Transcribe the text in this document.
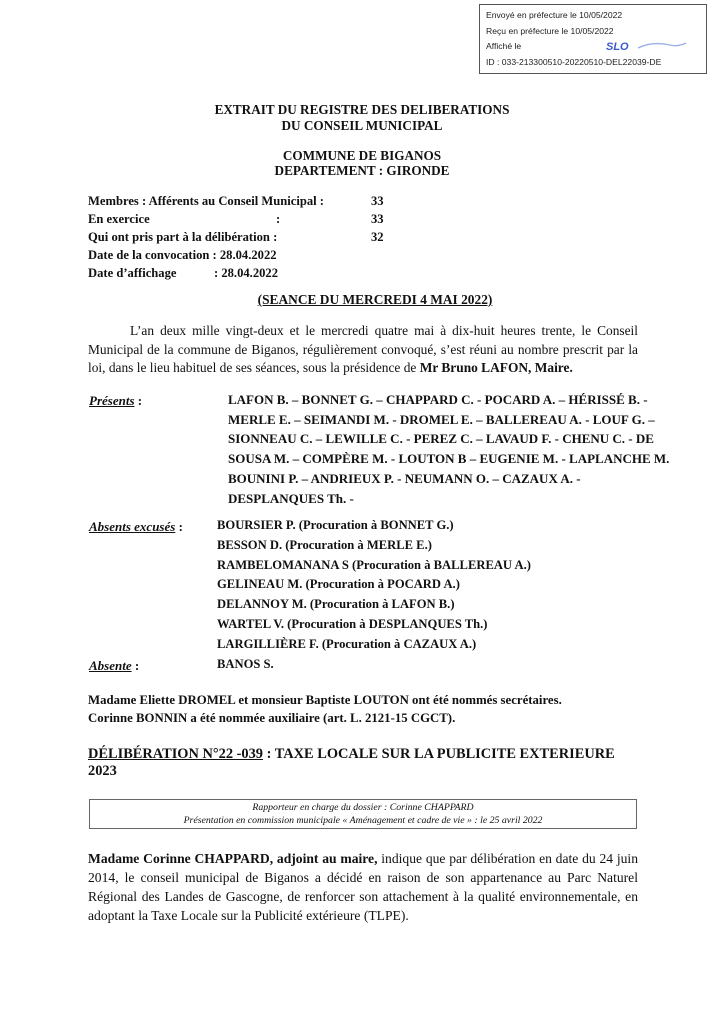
Envoyé en préfecture le 10/05/2022
Reçu en préfecture le 10/05/2022
Affiché le
ID : 033-213300510-20220510-DEL22039-DE
SLO
EXTRAIT DU REGISTRE DES DELIBERATIONS
DU CONSEIL MUNICIPAL
COMMUNE DE BIGANOS
DEPARTEMENT : GIRONDE
Membres : Afférents au Conseil Municipal :	33
En exercice	:	33
Qui ont pris part à la délibération :	32
Date de la convocation : 28.04.2022
Date d’affichage	: 28.04.2022
(SEANCE DU MERCREDI 4 MAI 2022)
L’an deux mille vingt-deux et le mercredi quatre mai à dix-huit heures trente, le Conseil Municipal de la commune de Biganos, régulièrement convoqué, s’est réuni au nombre prescrit par la loi, dans le lieu habituel de ses séances, sous la présidence de Mr Bruno LAFON, Maire.
Présents :	LAFON B. – BONNET G. – CHAPPARD C. - POCARD A. – HÉRISSÉ B. -
MERLE E. – SEIMANDI M. - DROMEL E. – BALLEREAU A. - LOUF G. –
SIONNEAU C. – LEWILLE C. - PEREZ C. – LAVAUD F. - CHENU C. - DE
SOUSA M. – COMPÈRE M. - LOUTON B – EUGENIE M. - LAPLANCHE M.
BOUNINI P. – ANDRIEUX P. - NEUMANN O. – CAZAUX A. -
DESPLANQUES Th. -
Absents excusés :	BOURSIER P. (Procuration à BONNET G.)
BESSON D. (Procuration à MERLE E.)
RAMBELOMANANA S (Procuration à BALLEREAU A.)
GELINEAU M. (Procuration à POCARD A.)
DELANNOY M. (Procuration à LAFON B.)
WARTEL V. (Procuration à DESPLANQUES Th.)
LARGILLIÈRE F. (Procuration à CAZAUX A.)
Absente :	BANOS S.
Madame Eliette DROMEL et monsieur Baptiste LOUTON ont été nommés secrétaires.
Corinne BONNIN a été nommée auxiliaire (art. L. 2121-15 CGCT).
DÉLIBÉRATION N°22 -039 : TAXE LOCALE SUR LA PUBLICITE EXTERIEURE
2023
Rapporteur en charge du dossier : Corinne CHAPPARD
Présentation en commission municipale « Aménagement et cadre de vie » : le 25 avril 2022
Madame Corinne CHAPPARD, adjoint au maire, indique que par délibération en date du 24 juin 2014, le conseil municipal de Biganos a décidé en raison de son appartenance au Parc Naturel Régional des Landes de Gascogne, de renforcer son attachement à la qualité environnementale, en adoptant la Taxe Locale sur la Publicité extérieure (TLPE).
